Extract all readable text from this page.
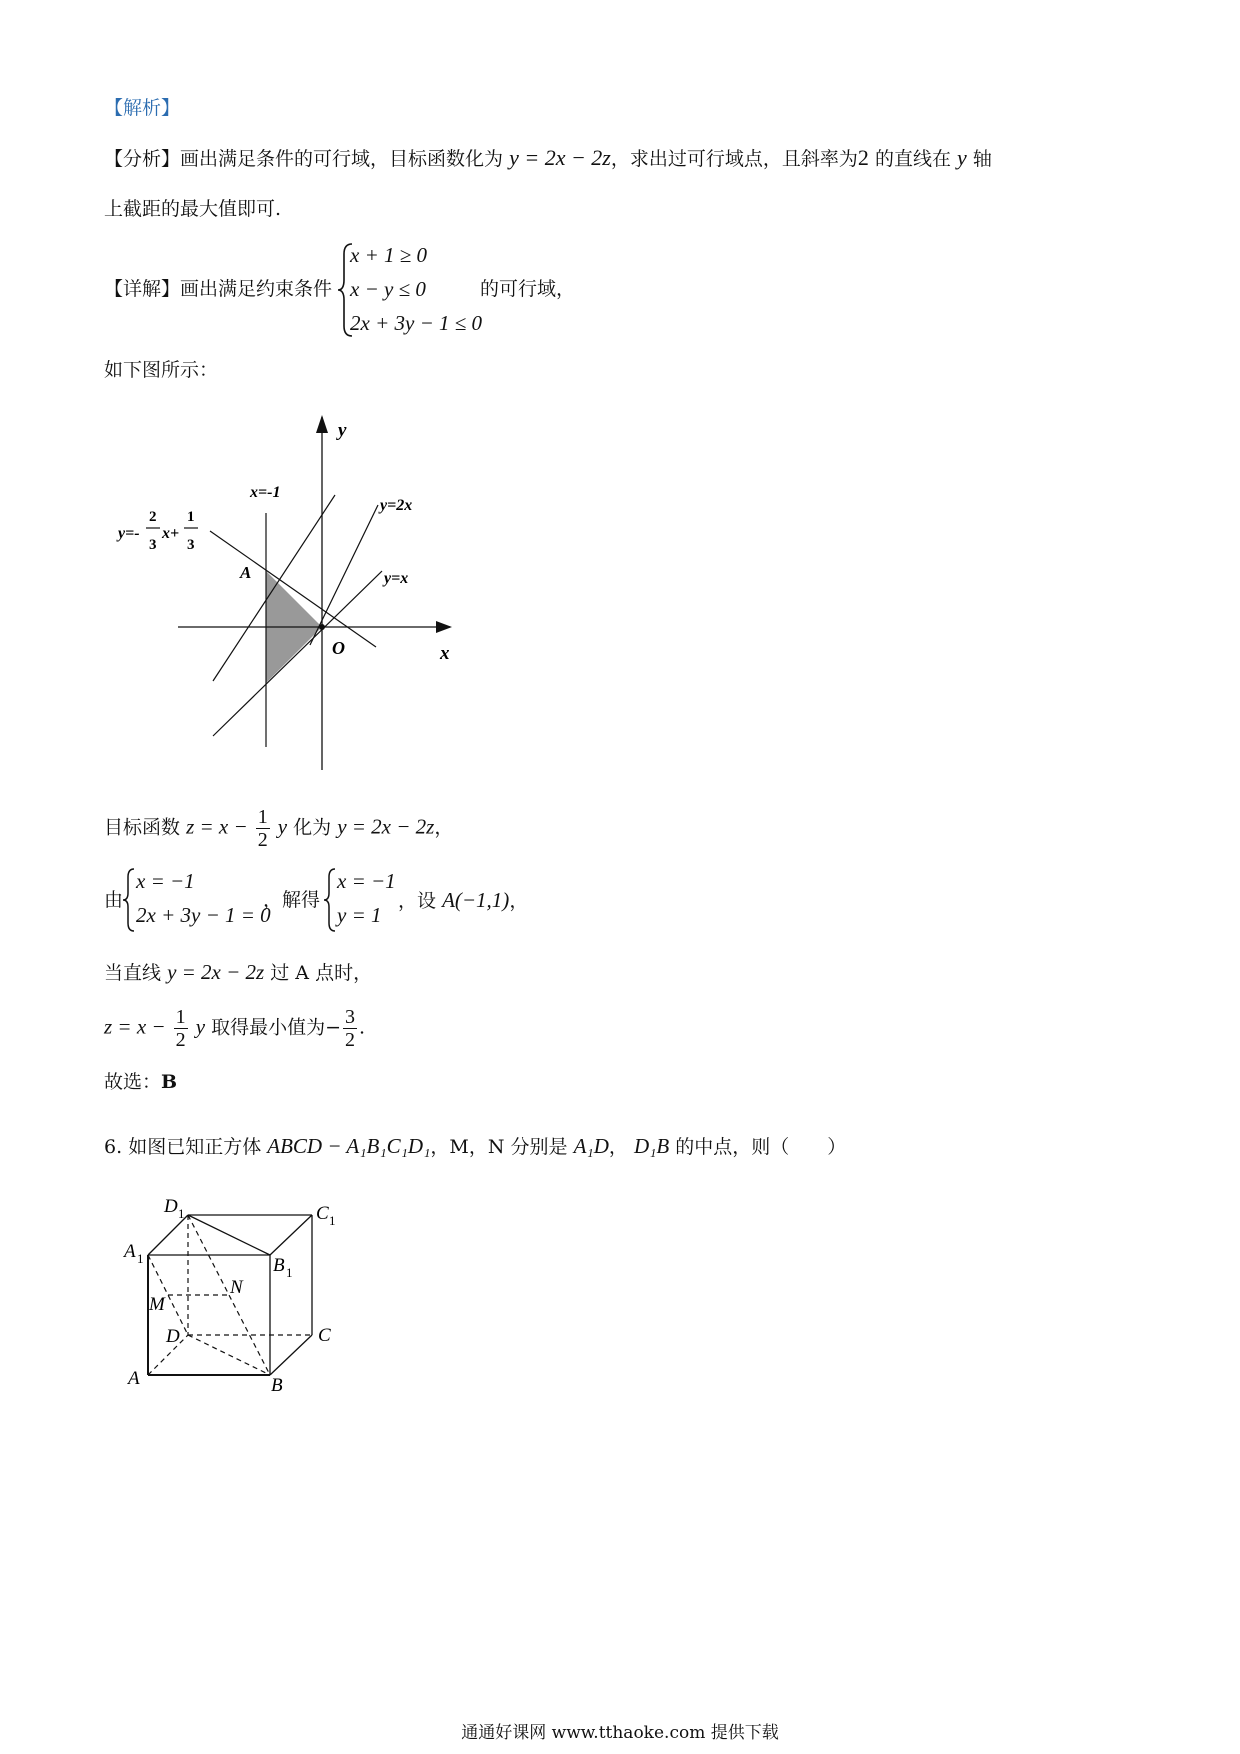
【解析】
【分析】画出满足条件的可行域，目标函数化为 y = 2x − 2z，求出过可行域点，且斜率为2 的直线在 y 轴
上截距的最大值即可.
【详解】画出满足约束条件
x + 1 ≥ 0
x − y ≤ 0
2x + 3y − 1 ≤ 0
的可行域，
如下图所示：
y
x
O
A
x=-1
y=2x
y=x
y=-
2
3
x+
1
3
目标函数 $z = x - \frac{1}{2}$ y 化为 y = 2x − 2z，
由
x = −1
2x + 3y − 1 = 0
，解得
x = −1
y = 1
，设 A(−1,1)，
当直线 y = 2x − 2z 过 A 点时，
$z = x - \frac{1}{2}$ y 取得最小值为− $\frac{3}{2}$ .
故选：B
6. 如图已知正方体 ABCD − A₁B₁C₁D₁，M，N 分别是 A₁D， D₁B 的中点，则（　　）
D 1	C 1
A 1	B 1
N
M
D	C
A	B
通通好课网 www.tthaoke.com 提供下载
